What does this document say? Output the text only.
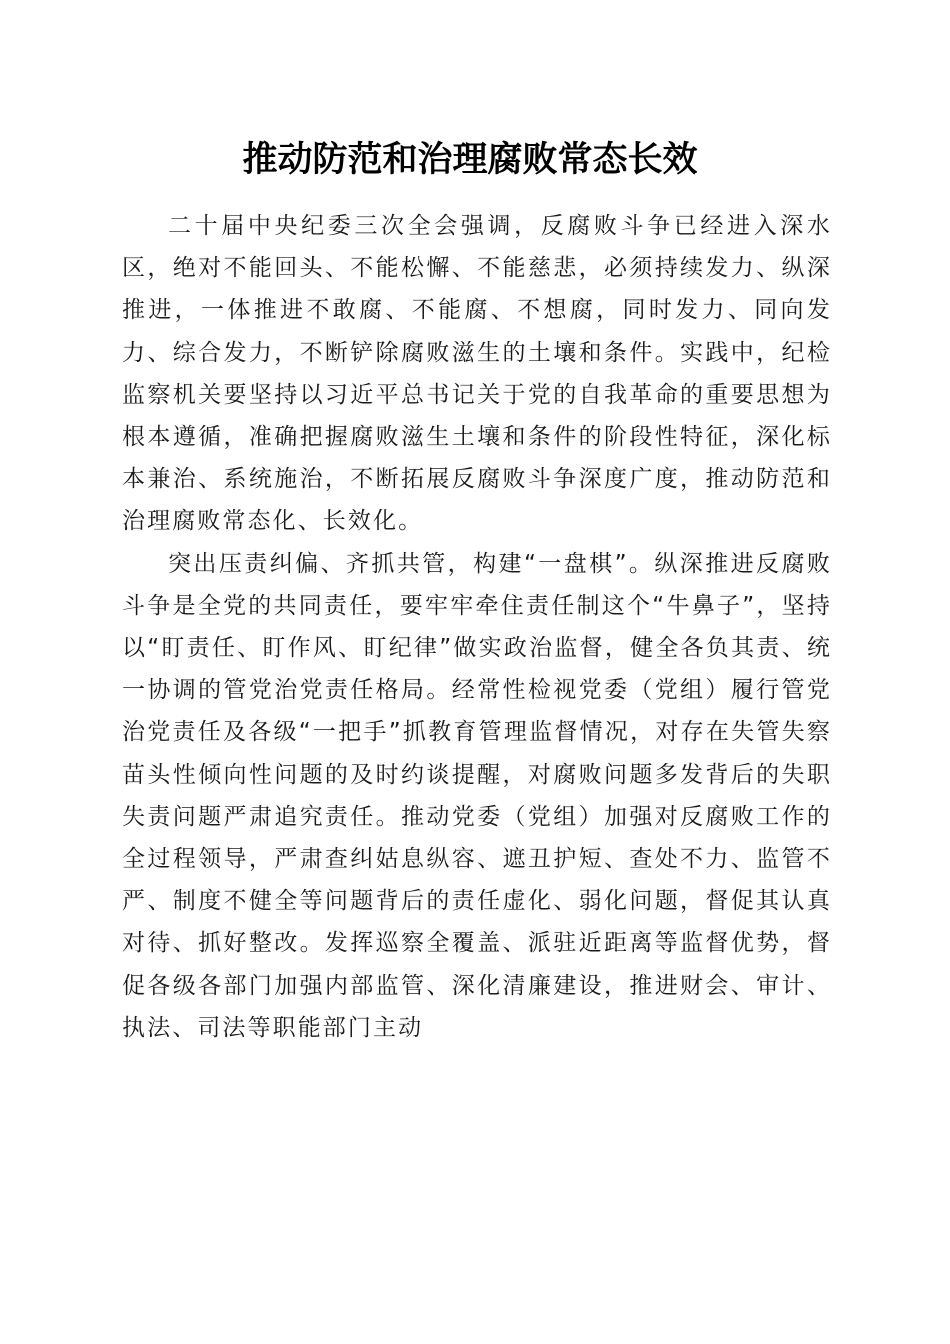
推动防范和治理腐败常态长效

二十届中央纪委三次全会强调，反腐败斗争已经进入深水区，绝对不能回头、不能松懈、不能慈悲，必须持续发力、纵深推进，一体推进不敢腐、不能腐、不想腐，同时发力、同向发力、综合发力，不断铲除腐败滋生的土壤和条件。实践中，纪检监察机关要坚持以习近平总书记关于党的自我革命的重要思想为根本遵循，准确把握腐败滋生土壤和条件的阶段性特征，深化标本兼治、系统施治，不断拓展反腐败斗争深度广度，推动防范和治理腐败常态化、长效化。

突出压责纠偏、齐抓共管，构建“一盘棋”。纵深推进反腐败斗争是全党的共同责任，要牢牢牵住责任制这个“牛鼻子”，坚持以“盯责任、盯作风、盯纪律”做实政治监督，健全各负其责、统一协调的管党治党责任格局。经常性检视党委（党组）履行管党治党责任及各级“一把手”抓教育管理监督情况，对存在失管失察苗头性倾向性问题的及时约谈提醒，对腐败问题多发背后的失职失责问题严肃追究责任。推动党委（党组）加强对反腐败工作的全过程领导，严肃查纠姑息纵容、遮丑护短、查处不力、监管不严、制度不健全等问题背后的责任虚化、弱化问题，督促其认真对待、抓好整改。发挥巡察全覆盖、派驻近距离等监督优势，督促各级各部门加强内部监管、深化清廉建设，推进财会、审计、执法、司法等职能部门主动
